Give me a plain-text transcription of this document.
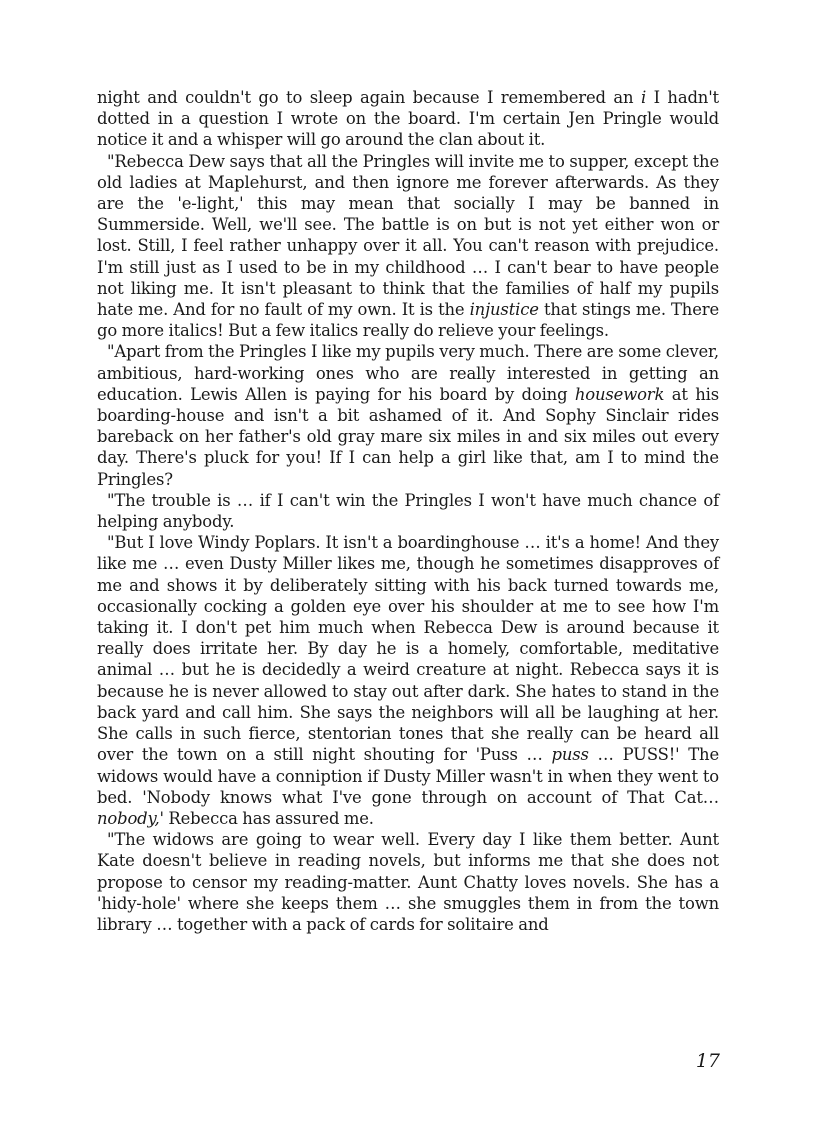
night and couldn't go to sleep again because I remembered an i I hadn't dotted in a question I wrote on the board. I'm certain Jen Pringle would notice it and a whisper will go around the clan about it.

"Rebecca Dew says that all the Pringles will invite me to supper, except the old ladies at Maplehurst, and then ignore me forever afterwards. As they are the 'e-light,' this may mean that socially I may be banned in Summerside. Well, we'll see. The battle is on but is not yet either won or lost. Still, I feel rather unhappy over it all. You can't reason with prejudice. I'm still just as I used to be in my childhood … I can't bear to have people not liking me. It isn't pleasant to think that the families of half my pupils hate me. And for no fault of my own. It is the injustice that stings me. There go more italics! But a few italics really do relieve your feelings.

"Apart from the Pringles I like my pupils very much. There are some clever, ambitious, hard-working ones who are really interested in getting an education. Lewis Allen is paying for his board by doing housework at his boarding-house and isn't a bit ashamed of it. And Sophy Sinclair rides bareback on her father's old gray mare six miles in and six miles out every day. There's pluck for you! If I can help a girl like that, am I to mind the Pringles?

"The trouble is … if I can't win the Pringles I won't have much chance of helping anybody.

"But I love Windy Poplars. It isn't a boardinghouse … it's a home! And they like me … even Dusty Miller likes me, though he sometimes disapproves of me and shows it by deliberately sitting with his back turned towards me, occasionally cocking a golden eye over his shoulder at me to see how I'm taking it. I don't pet him much when Rebecca Dew is around because it really does irritate her. By day he is a homely, comfortable, meditative animal … but he is decidedly a weird creature at night. Rebecca says it is because he is never allowed to stay out after dark. She hates to stand in the back yard and call him. She says the neighbors will all be laughing at her. She calls in such fierce, stentorian tones that she really can be heard all over the town on a still night shouting for 'Puss … puss … PUSS!' The widows would have a conniption if Dusty Miller wasn't in when they went to bed. 'Nobody knows what I've gone through on account of That Cat… nobody,' Rebecca has assured me.

"The widows are going to wear well. Every day I like them better. Aunt Kate doesn't believe in reading novels, but informs me that she does not propose to censor my reading-matter. Aunt Chatty loves novels. She has a 'hidy-hole' where she keeps them … she smuggles them in from the town library … together with a pack of cards for solitaire and

17
